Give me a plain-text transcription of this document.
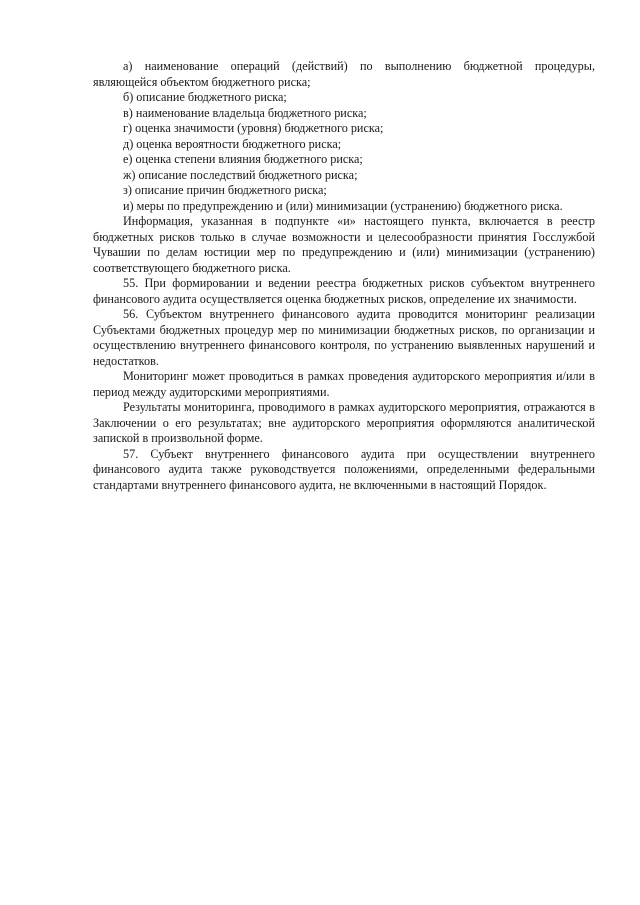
а) наименование операций (действий) по выполнению бюджетной процедуры, являющейся объектом бюджетного риска;

б) описание бюджетного риска;

в) наименование владельца бюджетного риска;

г) оценка значимости (уровня) бюджетного риска;

д) оценка вероятности бюджетного риска;

е) оценка степени влияния бюджетного риска;

ж) описание последствий бюджетного риска;

з) описание причин бюджетного риска;

и) меры по предупреждению и (или) минимизации (устранению) бюджетного риска.

Информация, указанная в подпункте «и» настоящего пункта, включается в реестр бюджетных рисков только в случае возможности и целесообразности принятия Госслужбой Чувашии по делам юстиции мер по предупреждению и (или) минимизации (устранению) соответствующего бюджетного риска.

55. При формировании и ведении реестра бюджетных рисков субъектом внутреннего финансового аудита осуществляется оценка бюджетных рисков, определение их значимости.

56. Субъектом внутреннего финансового аудита проводится мониторинг реализации Субъектами бюджетных процедур мер по минимизации бюджетных рисков, по организации и осуществлению внутреннего финансового контроля, по устранению выявленных нарушений и недостатков.

Мониторинг может проводиться в рамках проведения аудиторского мероприятия и/или в период между аудиторскими мероприятиями.

Результаты мониторинга, проводимого в рамках аудиторского мероприятия, отражаются в Заключении о его результатах; вне аудиторского мероприятия оформляются аналитической запиской в произвольной форме.

57. Субъект внутреннего финансового аудита при осуществлении внутреннего финансового аудита также руководствуется положениями, определенными федеральными стандартами внутреннего финансового аудита, не включенными в настоящий Порядок.
